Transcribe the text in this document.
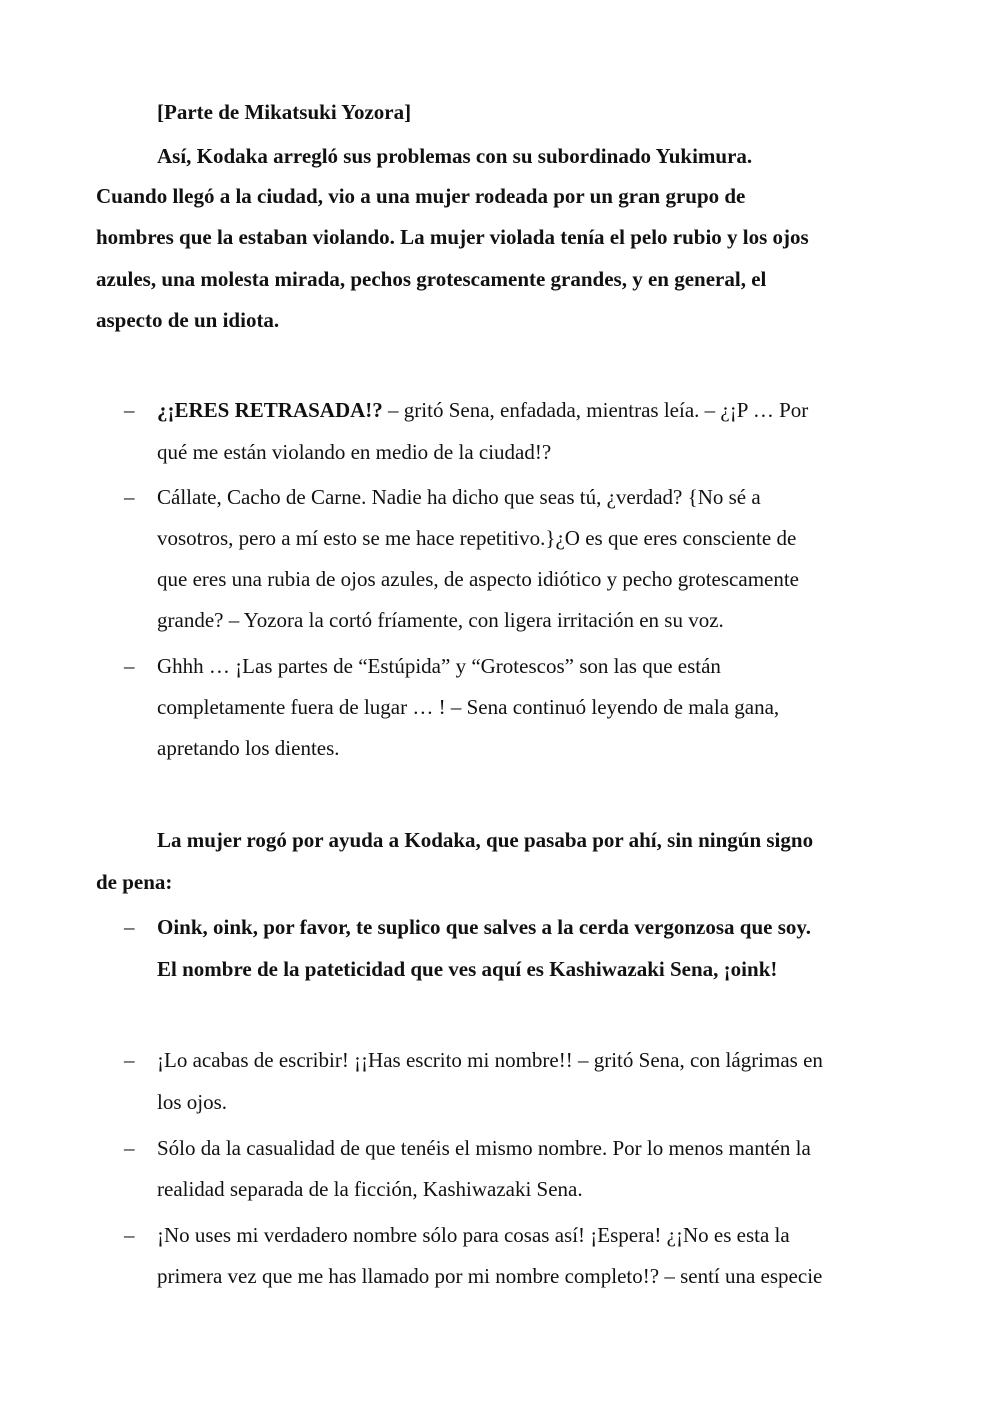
[Parte de Mikatsuki Yozora]
Así, Kodaka arregló sus problemas con su subordinado Yukimura.
Cuando llegó a la ciudad, vio a una mujer rodeada por un gran grupo de
hombres que la estaban violando. La mujer violada tenía el pelo rubio y los ojos
azules, una molesta mirada, pechos grotescamente grandes, y en general, el
aspecto de un idiota.
– ¿¡ERES RETRASADA!? – gritó Sena, enfadada, mientras leía. – ¿¡P … Por
qué me están violando en medio de la ciudad!?
– Cállate, Cacho de Carne. Nadie ha dicho que seas tú, ¿verdad? {No sé a
vosotros, pero a mí esto se me hace repetitivo.}¿O es que eres consciente de
que eres una rubia de ojos azules, de aspecto idiótico y pecho grotescamente
grande? – Yozora la cortó fríamente, con ligera irritación en su voz.
– Ghhh … ¡Las partes de “Estúpida” y “Grotescos” son las que están
completamente fuera de lugar … ! – Sena continuó leyendo de mala gana,
apretando los dientes.
La mujer rogó por ayuda a Kodaka, que pasaba por ahí, sin ningún signo
de pena:
– Oink, oink, por favor, te suplico que salves a la cerda vergonzosa que soy.
El nombre de la pateticidad que ves aquí es Kashiwazaki Sena, ¡oink!
– ¡Lo acabas de escribir! ¡¡Has escrito mi nombre!! – gritó Sena, con lágrimas en
los ojos.
– Sólo da la casualidad de que tenéis el mismo nombre. Por lo menos mantén la
realidad separada de la ficción, Kashiwazaki Sena.
– ¡No uses mi verdadero nombre sólo para cosas así! ¡Espera! ¿¡No es esta la
primera vez que me has llamado por mi nombre completo!? – sentí una especie
